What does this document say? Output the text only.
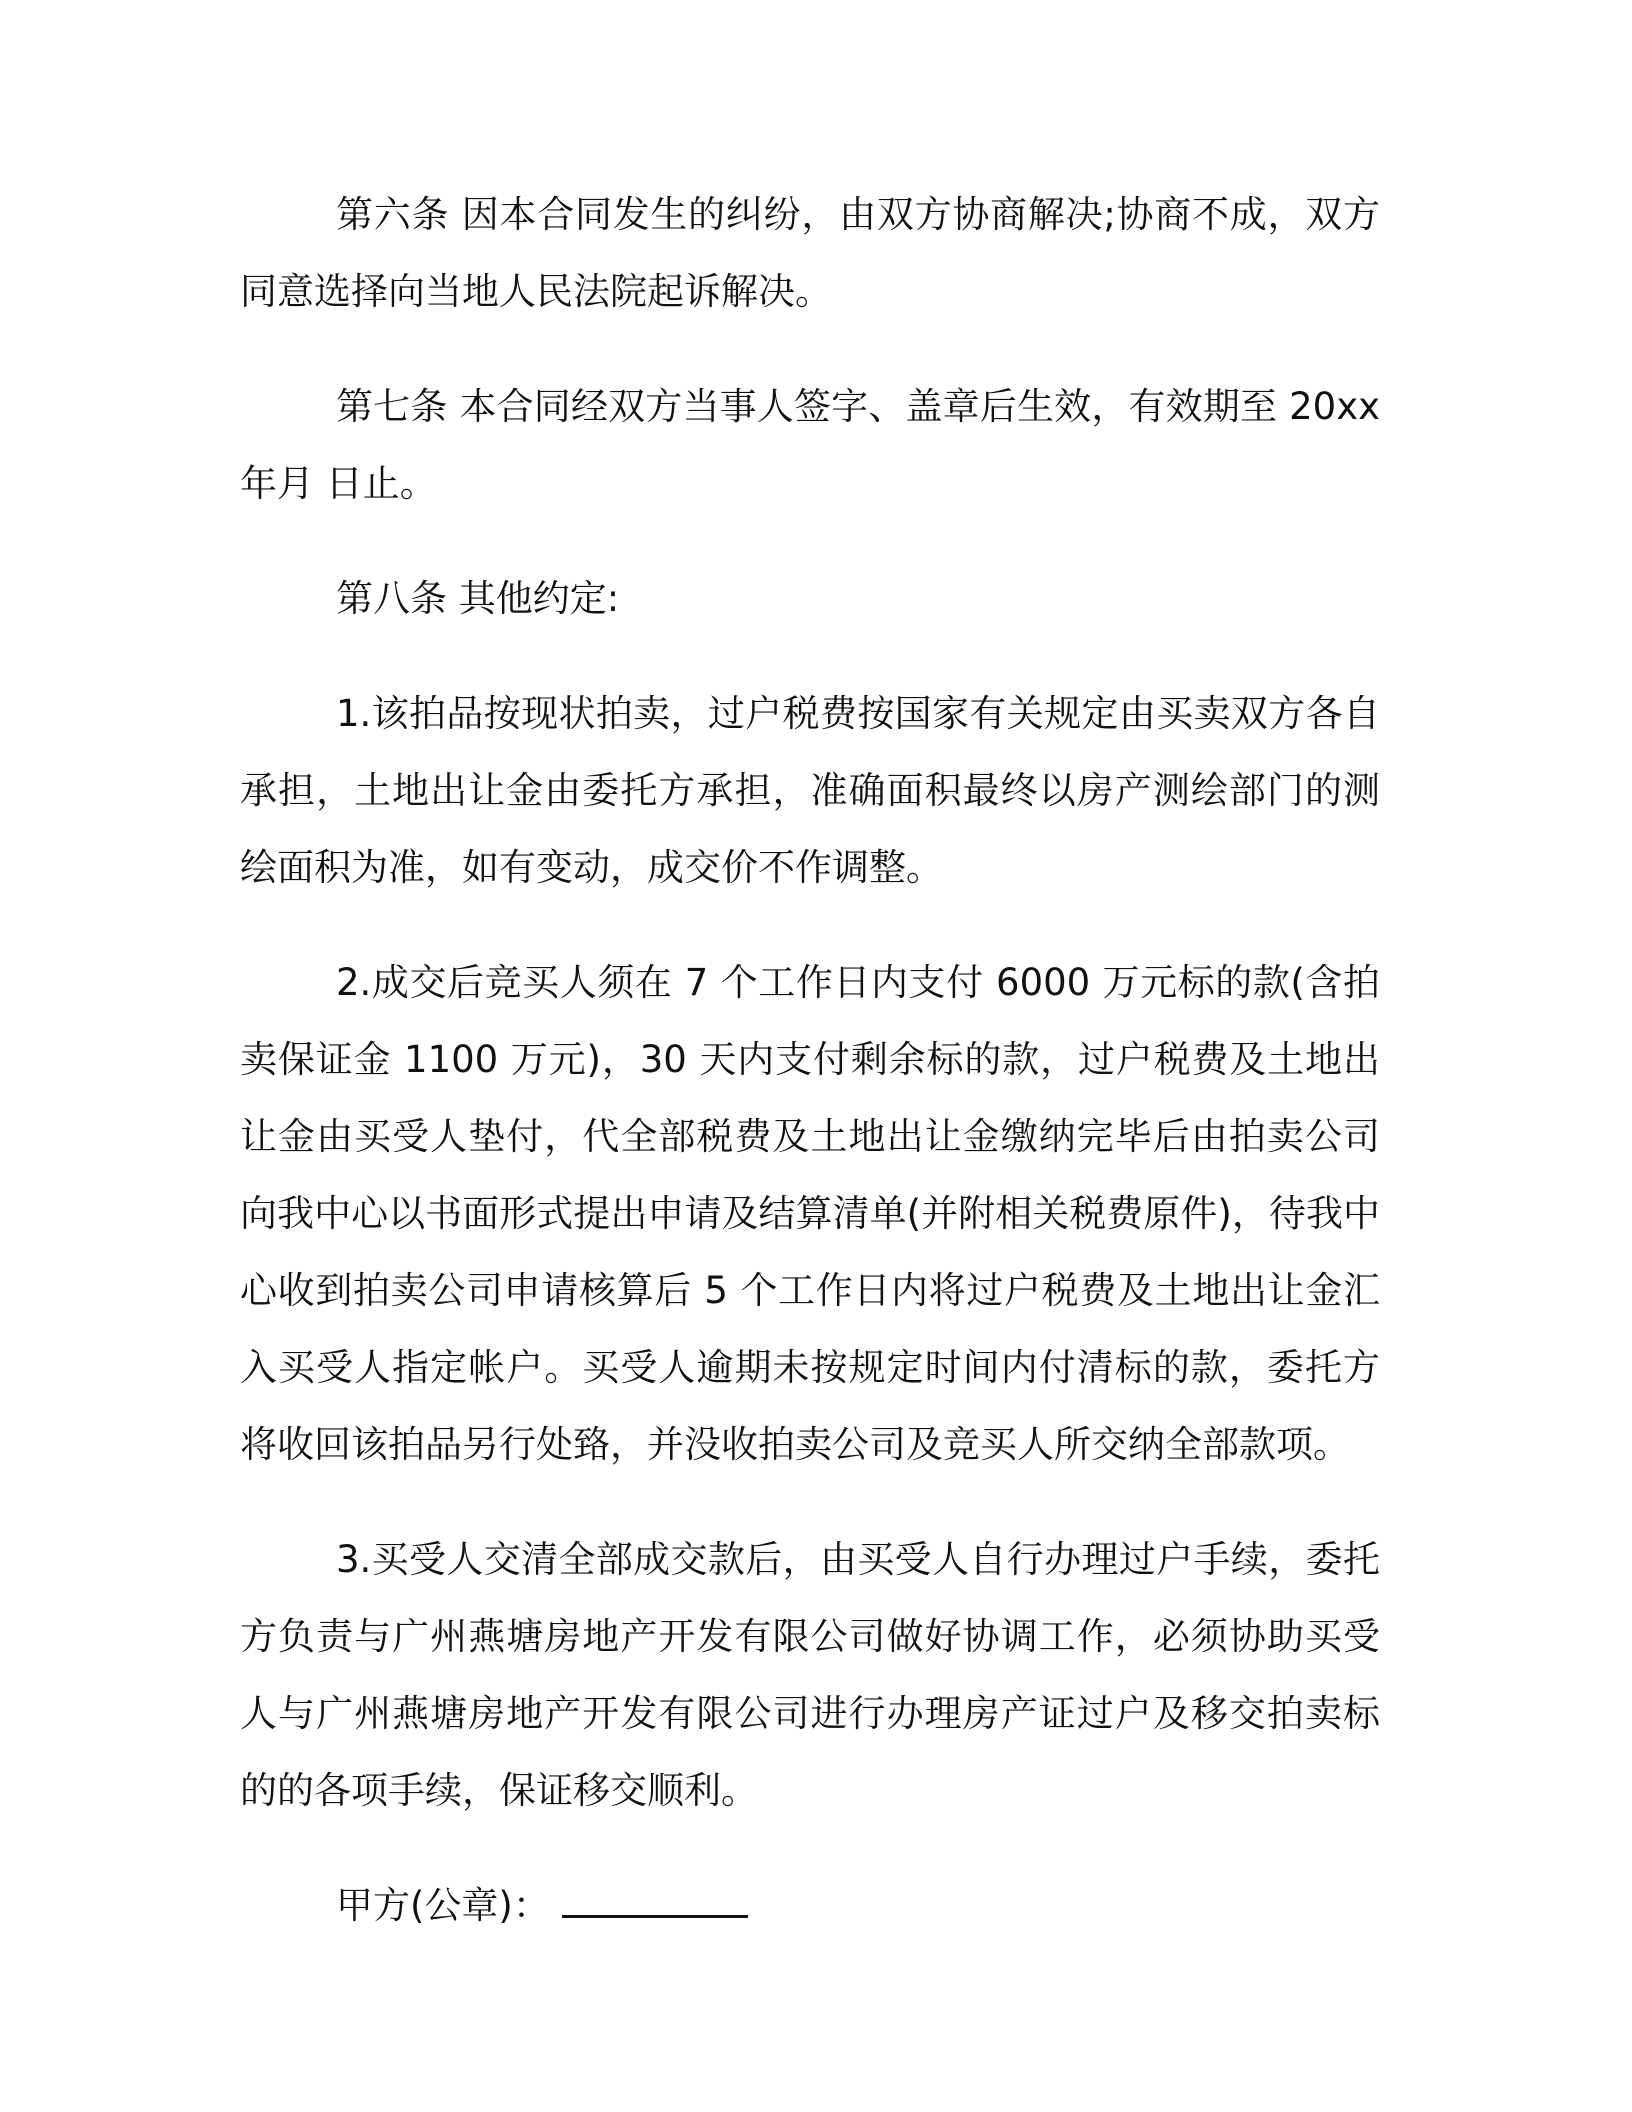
第六条 因本合同发生的纠纷，由双方协商解决;协商不成，双方同意选择向当地人民法院起诉解决。

第七条 本合同经双方当事人签字、盖章后生效，有效期至 20xx 年月 日止。

第八条 其他约定:

1.该拍品按现状拍卖，过户税费按国家有关规定由买卖双方各自承担，土地出让金由委托方承担，准确面积最终以房产测绘部门的测绘面积为准，如有变动，成交价不作调整。

2.成交后竞买人须在 7 个工作日内支付 6000 万元标的款(含拍卖保证金 1100 万元)，30 天内支付剩余标的款，过户税费及土地出让金由买受人垫付，代全部税费及土地出让金缴纳完毕后由拍卖公司向我中心以书面形式提出申请及结算清单(并附相关税费原件)，待我中心收到拍卖公司申请核算后 5 个工作日内将过户税费及土地出让金汇入买受人指定帐户。买受人逾期未按规定时间内付清标的款，委托方将收回该拍品另行处臵，并没收拍卖公司及竞买人所交纳全部款项。

3.买受人交清全部成交款后，由买受人自行办理过户手续，委托方负责与广州燕塘房地产开发有限公司做好协调工作，必须协助买受人与广州燕塘房地产开发有限公司进行办理房产证过户及移交拍卖标的的各项手续，保证移交顺利。

甲方(公章)：
